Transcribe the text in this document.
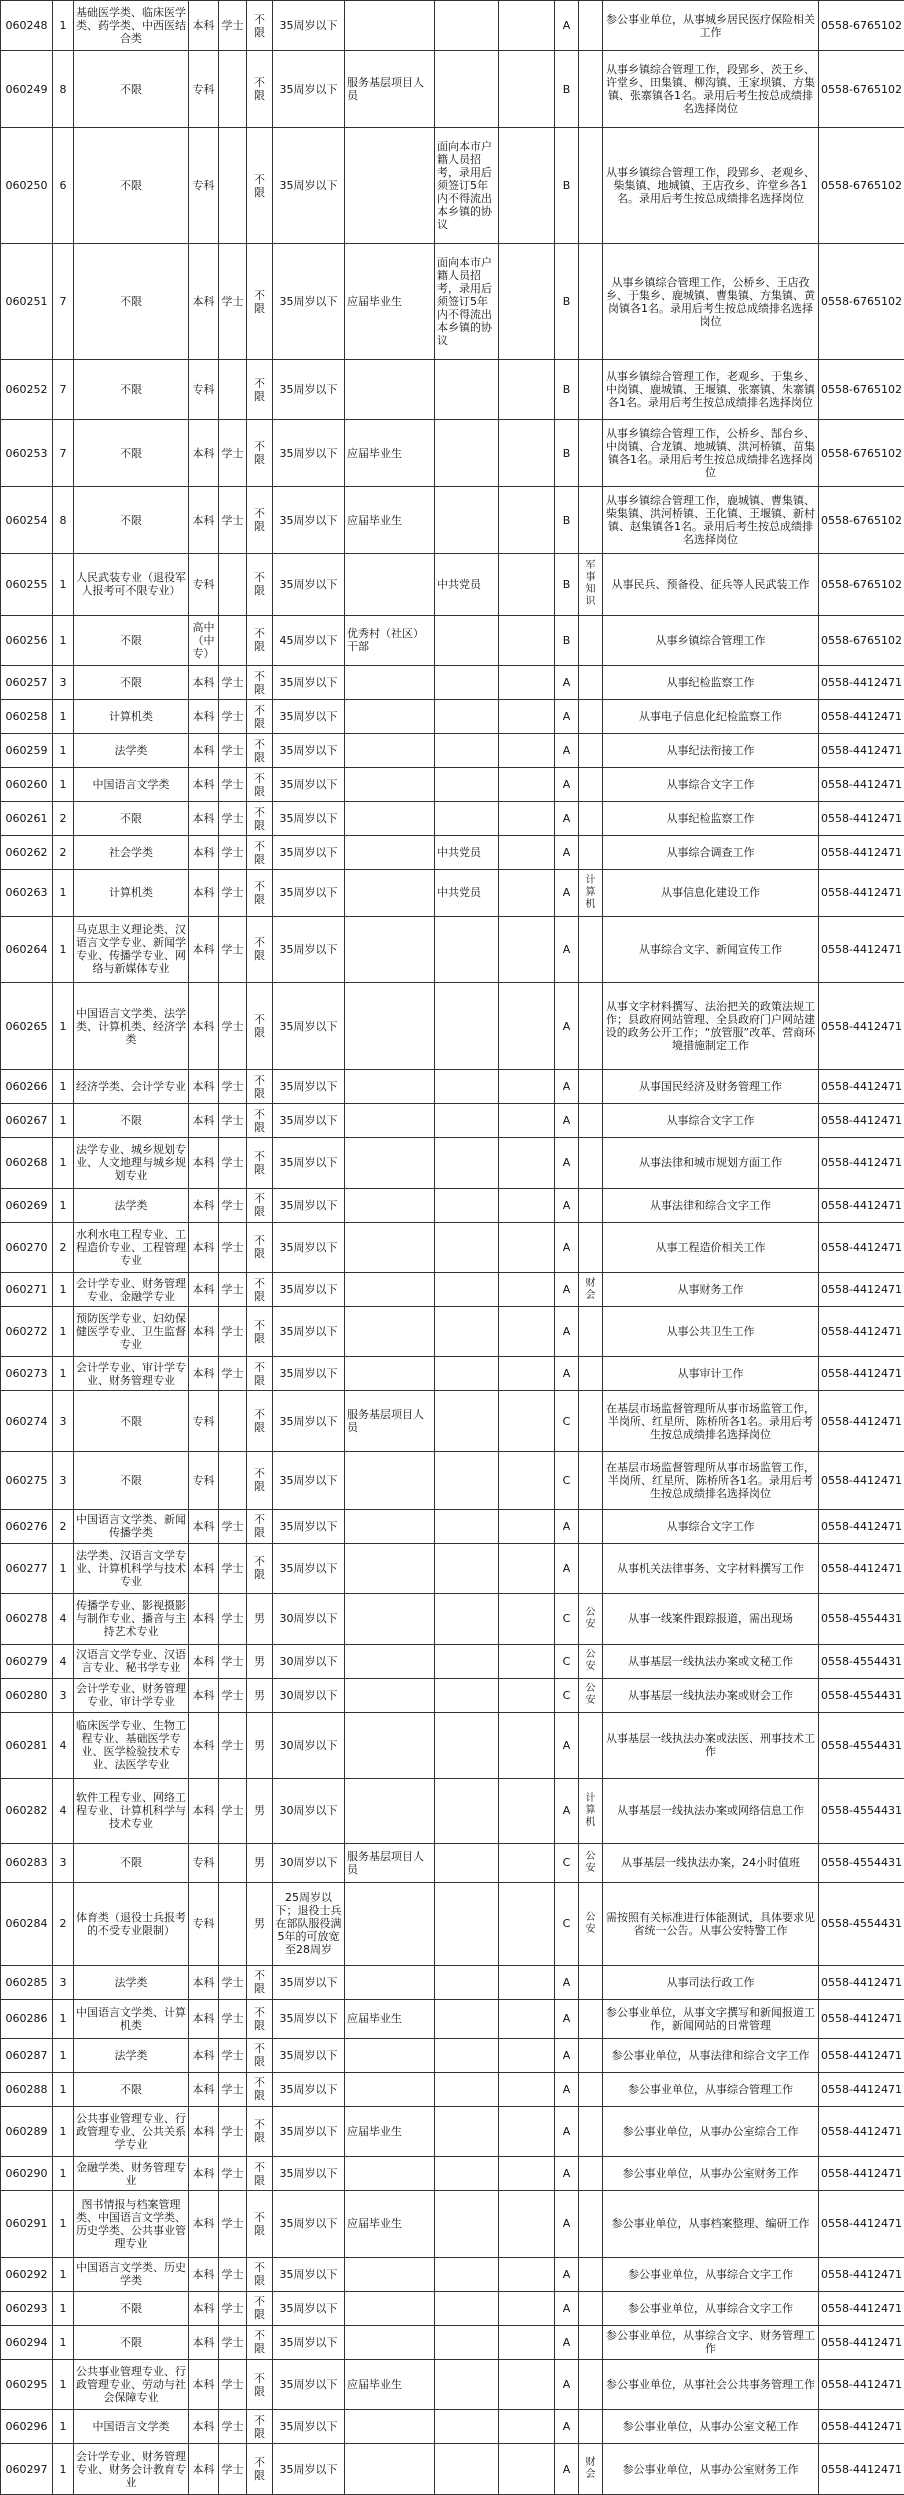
060248	1	基础医学类、临床医学类、药学类、中西医结合类	本科	学士	不限	35周岁以下				A		参公事业单位，从事城乡居民医疗保险相关工作	0558-6765102
060249	8	不限	专科		不限	35周岁以下	服务基层项目人员			B		从事乡镇综合管理工作，段郢乡、茨王乡、许堂乡、田集镇、柳沟镇、王家坝镇、方集镇、张寨镇各1名。录用后考生按总成绩排名选择岗位	0558-6765102
060250	6	不限	专科		不限	35周岁以下		面向本市户籍人员招考，录用后须签订5年内不得流出本乡镇的协议		B		从事乡镇综合管理工作，段郢乡、老观乡、柴集镇、地城镇、王店孜乡、许堂乡各1名。录用后考生按总成绩排名选择岗位	0558-6765102
060251	7	不限	本科	学士	不限	35周岁以下	应届毕业生	面向本市户籍人员招考，录用后须签订5年内不得流出本乡镇的协议		B		从事乡镇综合管理工作，公桥乡、王店孜乡、于集乡、鹿城镇、曹集镇、方集镇、黄岗镇各1名。录用后考生按总成绩排名选择岗位	0558-6765102
060252	7	不限	专科		不限	35周岁以下				B		从事乡镇综合管理工作，老观乡、于集乡、中岗镇、鹿城镇、王堰镇、张寨镇、朱寨镇各1名。录用后考生按总成绩排名选择岗位	0558-6765102
060253	7	不限	本科	学士	不限	35周岁以下	应届毕业生			B		从事乡镇综合管理工作，公桥乡、郜台乡、中岗镇、合龙镇、地城镇、洪河桥镇、苗集镇各1名。录用后考生按总成绩排名选择岗位	0558-6765102
060254	8	不限	本科	学士	不限	35周岁以下	应届毕业生			B		从事乡镇综合管理工作，鹿城镇、曹集镇、柴集镇、洪河桥镇、王化镇、王堰镇、新村镇、赵集镇各1名。录用后考生按总成绩排名选择岗位	0558-6765102
060255	1	人民武装专业（退役军人报考可不限专业）	专科		不限	35周岁以下		中共党员		B	军事知识	从事民兵、预备役、征兵等人民武装工作	0558-6765102
060256	1	不限	高中（中专）		不限	45周岁以下	优秀村（社区）干部			B		从事乡镇综合管理工作	0558-6765102
060257	3	不限	本科	学士	不限	35周岁以下				A		从事纪检监察工作	0558-4412471
060258	1	计算机类	本科	学士	不限	35周岁以下				A		从事电子信息化纪检监察工作	0558-4412471
060259	1	法学类	本科	学士	不限	35周岁以下				A		从事纪法衔接工作	0558-4412471
060260	1	中国语言文学类	本科	学士	不限	35周岁以下				A		从事综合文字工作	0558-4412471
060261	2	不限	本科	学士	不限	35周岁以下				A		从事纪检监察工作	0558-4412471
060262	2	社会学类	本科	学士	不限	35周岁以下		中共党员		A		从事综合调查工作	0558-4412471
060263	1	计算机类	本科	学士	不限	35周岁以下		中共党员		A	计算机	从事信息化建设工作	0558-4412471
060264	1	马克思主义理论类、汉语言文学专业、新闻学专业、传播学专业、网络与新媒体专业	本科	学士	不限	35周岁以下				A		从事综合文字、新闻宣传工作	0558-4412471
060265	1	中国语言文学类、法学类、计算机类、经济学类	本科	学士	不限	35周岁以下				A		从事文字材料撰写、法治把关的政策法规工作；县政府网站管理、全县政府门户网站建设的政务公开工作；“放管服”改革、营商环境措施制定工作	0558-4412471
060266	1	经济学类、会计学专业	本科	学士	不限	35周岁以下				A		从事国民经济及财务管理工作	0558-4412471
060267	1	不限	本科	学士	不限	35周岁以下				A		从事综合文字工作	0558-4412471
060268	1	法学专业、城乡规划专业、人文地理与城乡规划专业	本科	学士	不限	35周岁以下				A		从事法律和城市规划方面工作	0558-4412471
060269	1	法学类	本科	学士	不限	35周岁以下				A		从事法律和综合文字工作	0558-4412471
060270	2	水利水电工程专业、工程造价专业、工程管理专业	本科	学士	不限	35周岁以下				A		从事工程造价相关工作	0558-4412471
060271	1	会计学专业、财务管理专业、金融学专业	本科	学士	不限	35周岁以下				A	财会	从事财务工作	0558-4412471
060272	1	预防医学专业、妇幼保健医学专业、卫生监督专业	本科	学士	不限	35周岁以下				A		从事公共卫生工作	0558-4412471
060273	1	会计学专业、审计学专业、财务管理专业	本科	学士	不限	35周岁以下				A		从事审计工作	0558-4412471
060274	3	不限	专科		不限	35周岁以下	服务基层项目人员			C		在基层市场监督管理所从事市场监管工作，半岗所、红星所、陈桥所各1名。录用后考生按总成绩排名选择岗位	0558-4412471
060275	3	不限	专科		不限	35周岁以下				C		在基层市场监督管理所从事市场监管工作，半岗所、红星所、陈桥所各1名。录用后考生按总成绩排名选择岗位	0558-4412471
060276	2	中国语言文学类、新闻传播学类	本科	学士	不限	35周岁以下				A		从事综合文字工作	0558-4412471
060277	1	法学类、汉语言文学专业、计算机科学与技术专业	本科	学士	不限	35周岁以下				A		从事机关法律事务、文字材料撰写工作	0558-4412471
060278	4	传播学专业、影视摄影与制作专业、播音与主持艺术专业	本科	学士	男	30周岁以下				C	公安	从事一线案件跟踪报道，需出现场	0558-4554431
060279	4	汉语言文学专业、汉语言专业、秘书学专业	本科	学士	男	30周岁以下				C	公安	从事基层一线执法办案或文秘工作	0558-4554431
060280	3	会计学专业、财务管理专业、审计学专业	本科	学士	男	30周岁以下				C	公安	从事基层一线执法办案或财会工作	0558-4554431
060281	4	临床医学专业、生物工程专业、基础医学专业、医学检验技术专业、法医学专业	本科	学士	男	30周岁以下				A		从事基层一线执法办案或法医、刑事技术工作	0558-4554431
060282	4	软件工程专业、网络工程专业、计算机科学与技术专业	本科	学士	男	30周岁以下				A	计算机	从事基层一线执法办案或网络信息工作	0558-4554431
060283	3	不限	专科		男	30周岁以下	服务基层项目人员			C	公安	从事基层一线执法办案，24小时值班	0558-4554431
060284	2	体育类（退役士兵报考的不受专业限制）	专科		男	25周岁以下；退役士兵在部队服役满5年的可放宽至28周岁				C	公安	需按照有关标准进行体能测试，具体要求见省统一公告。从事公安特警工作	0558-4554431
060285	3	法学类	本科	学士	不限	35周岁以下				A		从事司法行政工作	0558-4412471
060286	1	中国语言文学类、计算机类	本科	学士	不限	35周岁以下	应届毕业生			A		参公事业单位，从事文字撰写和新闻报道工作，新闻网站的日常管理	0558-4412471
060287	1	法学类	本科	学士	不限	35周岁以下				A		参公事业单位，从事法律和综合文字工作	0558-4412471
060288	1	不限	本科	学士	不限	35周岁以下				A		参公事业单位，从事综合管理工作	0558-4412471
060289	1	公共事业管理专业、行政管理专业、公共关系学专业	本科	学士	不限	35周岁以下	应届毕业生			A		参公事业单位，从事办公室综合工作	0558-4412471
060290	1	金融学类、财务管理专业	本科	学士	不限	35周岁以下				A		参公事业单位，从事办公室财务工作	0558-4412471
060291	1	图书情报与档案管理类、中国语言文学类、历史学类、公共事业管理专业	本科	学士	不限	35周岁以下	应届毕业生			A		参公事业单位，从事档案整理、编研工作	0558-4412471
060292	1	中国语言文学类、历史学类	本科	学士	不限	35周岁以下				A		参公事业单位，从事综合文字工作	0558-4412471
060293	1	不限	本科	学士	不限	35周岁以下				A		参公事业单位，从事综合文字工作	0558-4412471
060294	1	不限	本科	学士	不限	35周岁以下				A		参公事业单位，从事综合文字、财务管理工作	0558-4412471
060295	1	公共事业管理专业、行政管理专业、劳动与社会保障专业	本科	学士	不限	35周岁以下	应届毕业生			A		参公事业单位，从事社会公共事务管理工作	0558-4412471
060296	1	中国语言文学类	本科	学士	不限	35周岁以下				A		参公事业单位，从事办公室文秘工作	0558-4412471
060297	1	会计学专业、财务管理专业、财务会计教育专业	本科	学士	不限	35周岁以下				A	财会	参公事业单位，从事办公室财务工作	0558-4412471
